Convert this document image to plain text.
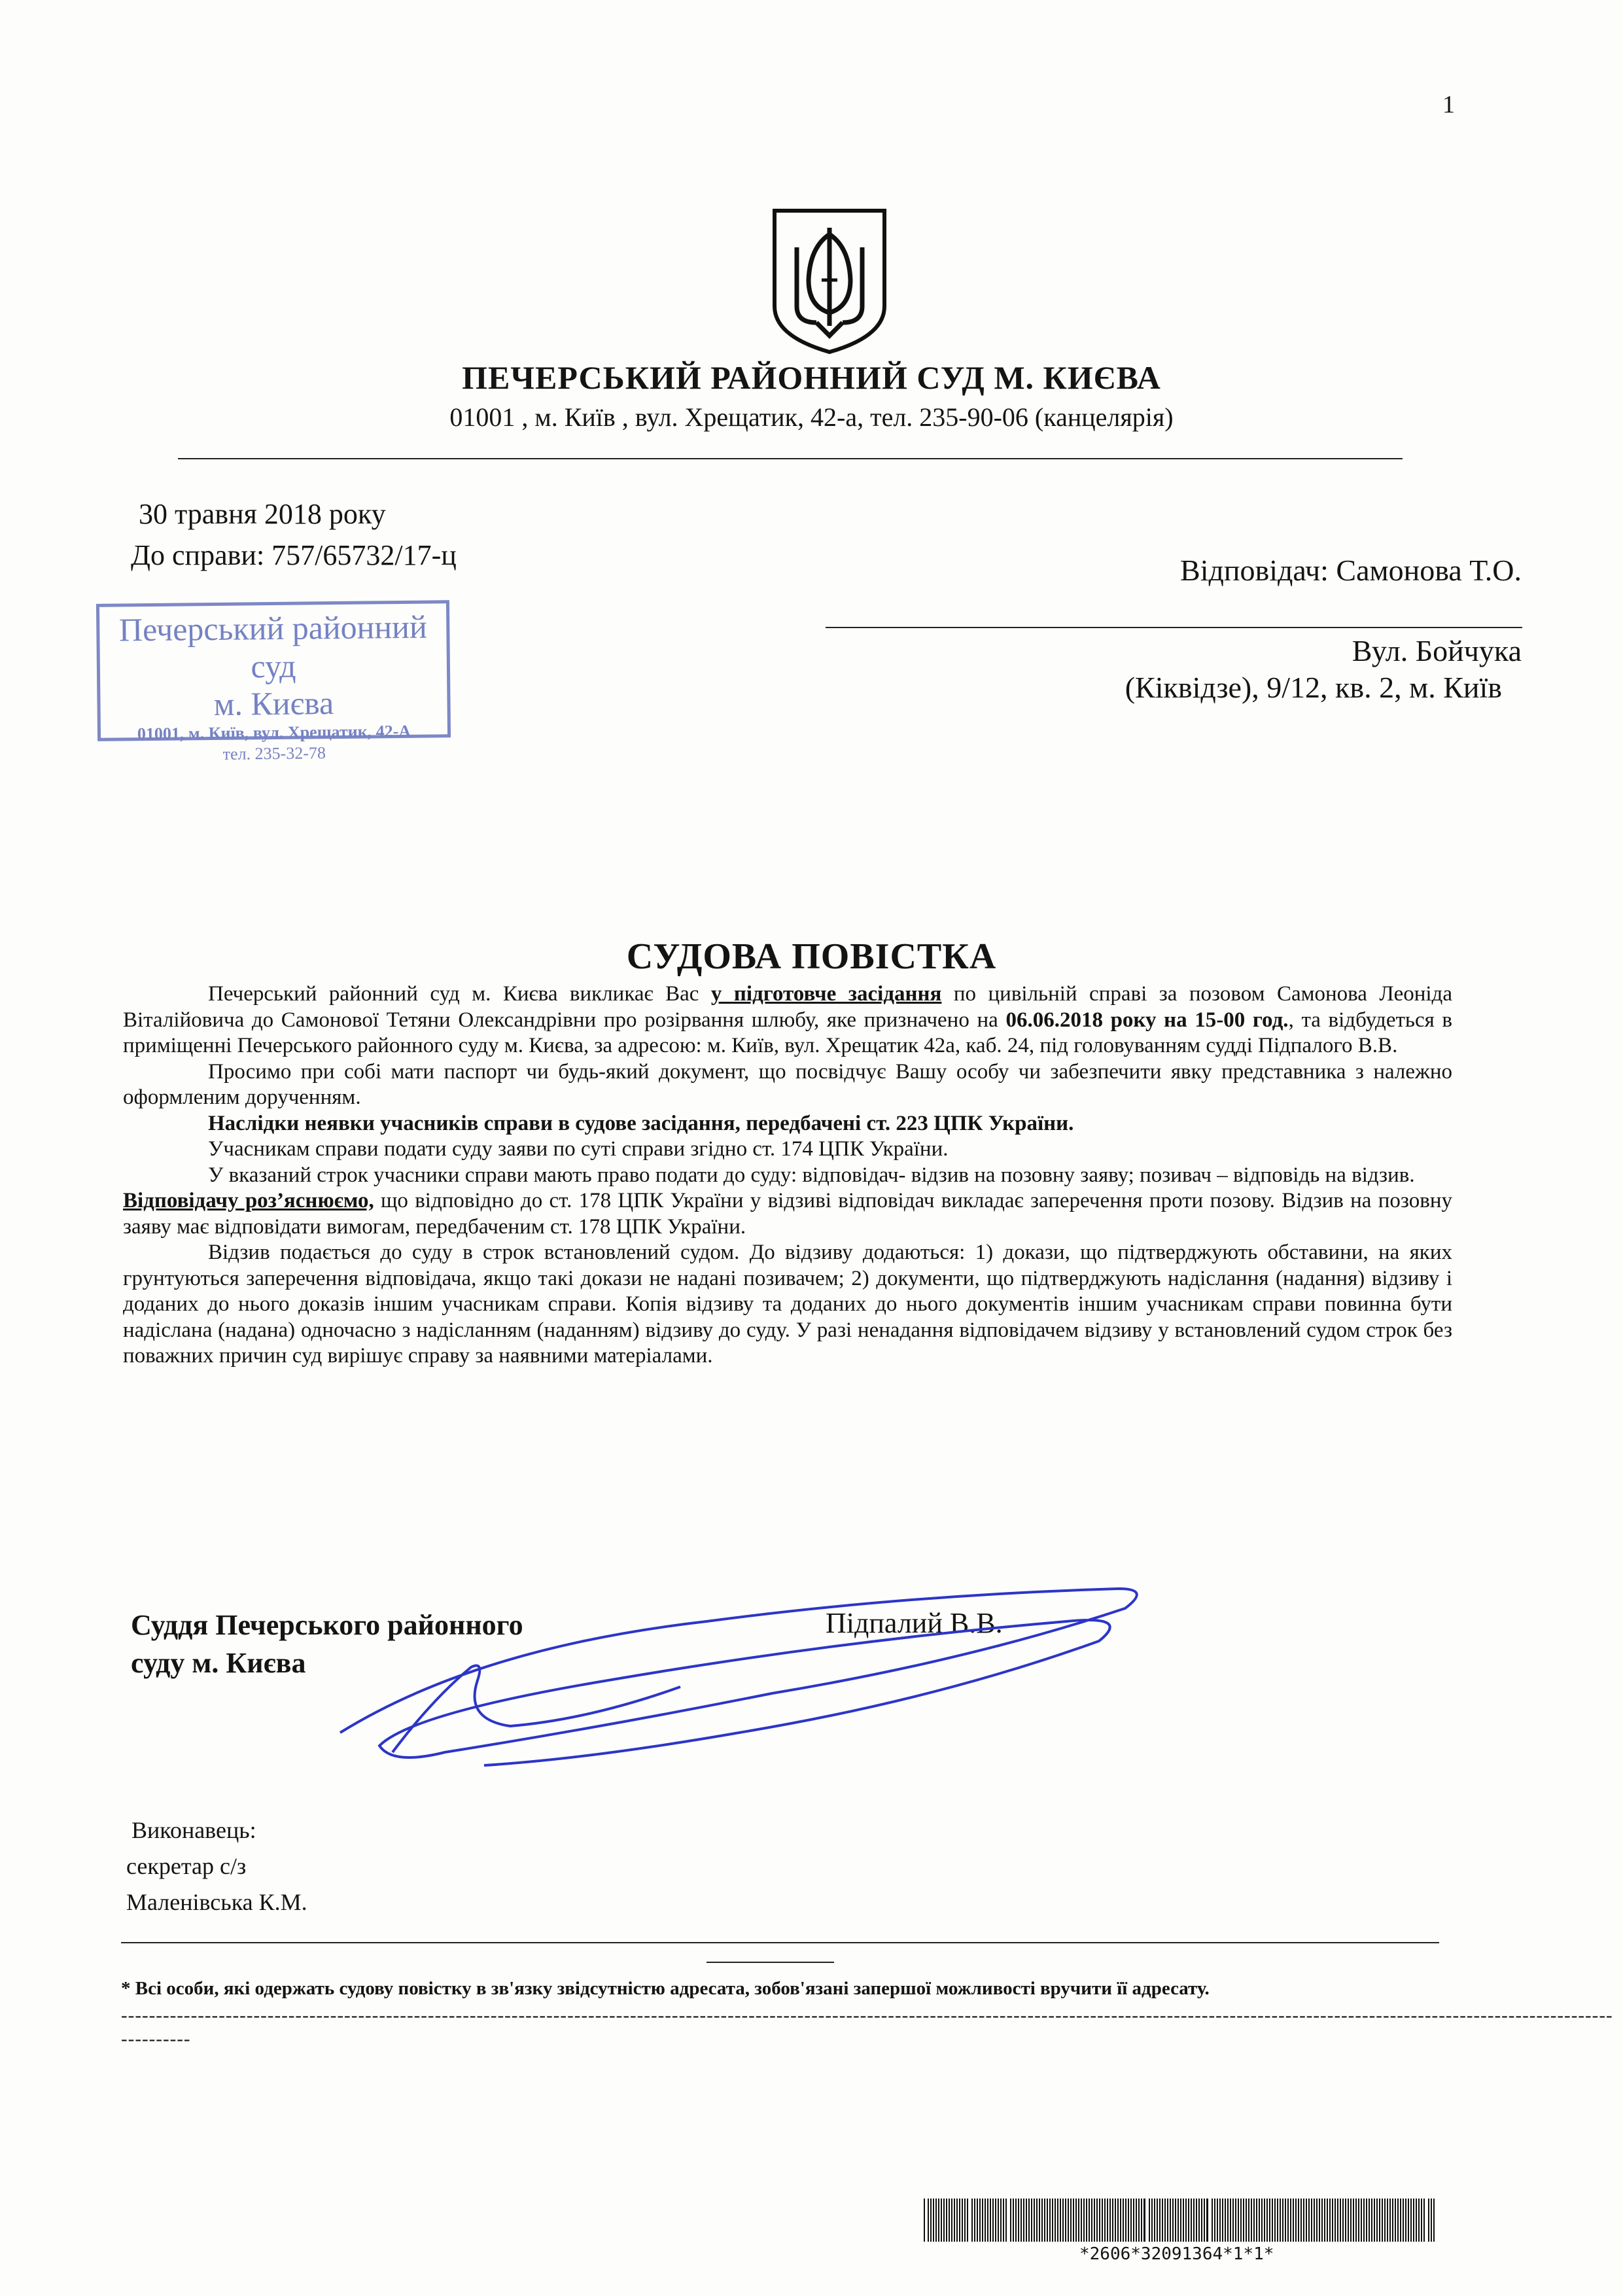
1
ПЕЧЕРСЬКИЙ РАЙОННИЙ СУД М. КИЄВА
01001 , м. Київ , вул. Хрещатик, 42-а, тел. 235-90-06 (канцелярія)
30 травня 2018 року
До справи: 757/65732/17-ц
Печерський районний суд
м. Києва
01001, м. Київ, вул. Хрещатик, 42-А
тел. 235-32-78
Відповідач: Самонова Т.О.
Вул. Бойчука
(Кіквідзе), 9/12, кв. 2, м. Київ
СУДОВА ПОВІСТКА

Печерський районний суд м. Києва викликає Вас у підготовче засідання по цивільній справі за позовом Самонова Леоніда Віталійовича до Самонової Тетяни Олександрівни про розірвання шлюбу, яке призначено на 06.06.2018 року на 15-00 год., та відбудеться в приміщенні Печерського районного суду м. Києва, за адресою: м. Київ, вул. Хрещатик 42а, каб. 24, під головуванням судді Підпалого В.В.

Просимо при собі мати паспорт чи будь-який документ, що посвідчує Вашу особу чи забезпечити явку представника з належно оформленим дорученням.

Наслідки неявки учасників справи в судове засідання, передбачені ст. 223 ЦПК України.

Учасникам справи подати суду заяви по суті справи згідно ст. 174 ЦПК України.

У вказаний строк учасники справи мають право подати до суду: відповідач- відзив на позовну заяву; позивач – відповідь на відзив.

Відповідачу роз’яснюємо, що відповідно до ст. 178 ЦПК України у відзиві відповідач викладає заперечення проти позову. Відзив на позовну заяву має відповідати вимогам, передбаченим ст. 178 ЦПК України.

Відзив подається до суду в строк встановлений судом. До відзиву додаються: 1) докази, що підтверджують обставини, на яких грунтуються заперечення відповідача, якщо такі докази не надані позивачем; 2) документи, що підтверджують надіслання (надання) відзиву і доданих до нього доказів іншим учасникам справи. Копія відзиву та доданих до нього документів іншим учасникам справи повинна бути надіслана (надана) одночасно з надісланням (наданням) відзиву до суду. У разі ненадання відповідачем відзиву у встановлений судом строк без поважних причин суд вирішує справу за наявними матеріалами.

Суддя Печерського районного
суду м. Києва
Підпалий В.В.
Виконавець:
секретар с/з
Маленівська К.М.
* Всі особи, які одержать судову повістку в зв'язку звідсутністю адресата, зобов'язані запершої можливості вручити її адресату.
----------------------------------------------------------------------------------------------------------------------------------------------------------------------------------------------------------------------
----------
*2606*32091364*1*1*
